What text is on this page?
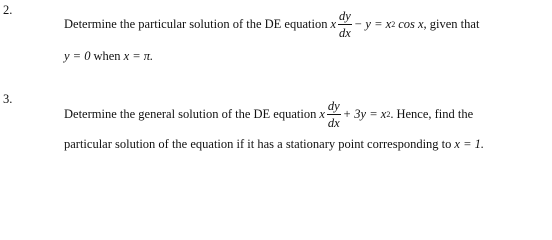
2.
Determine the particular solution of the DE equation x $\frac{dy}{dx} - y = x$ 2 cos x , given that
y = 0 when x = π.
3.
Determine the general solution of the DE equation x $\frac{dy}{dx} + 3y = x$ 2 . Hence, find the
particular solution of the equation if it has a stationary point corresponding to x = 1.
